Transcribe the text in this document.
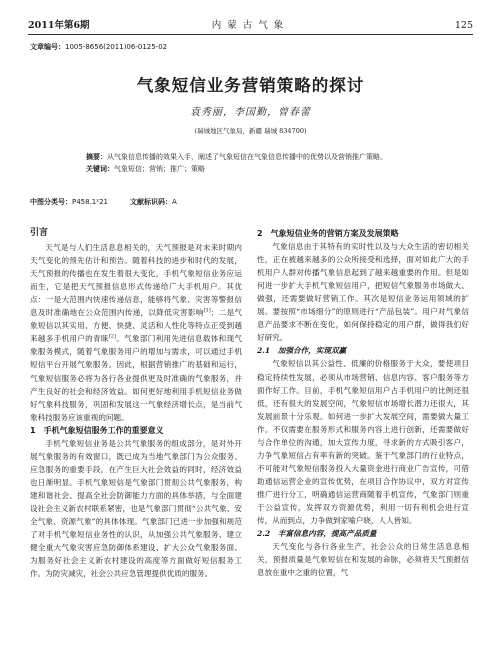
2011年第6期	内蒙古气象	125
文章编号：1005-8656(2011)06-0125-02
气象短信业务营销策略的探讨
袁秀丽，李国勤，曾春蕾
(瑞城地区气象局，新疆 瑞城 834700)
摘要：从气象信息传播的效果入手，阐述了气象短信在气象信息传播中的优势以及营销推广策略。
关键词：气象短信；营销；推广；策略
中图分类号：P458.1²21	文献标识码：A
引言

天气是与人们生活息息相关的，天气预报是对未来时期内天气变化的预先估计和预告。随着科技的进步和时代的发展，天气预报的传播也在发生着很大变化，手机气象短信业务应运而生，它是把天气预报信息形式传递给广大手机用户。其优点：一是大范围内快速传递信息，能够将气象、灾害等警报信息及时准确地在公众范围内传递，以降低灾害影响[1]；二是气象短信以其实用、方便、快捷、灵活和人性化等特点正受到越来越多手机用户的青睐[2]。气象部门利用先进信息载体和现气象服务模式，随着气象服务用户的增加与需求，可以通过手机短信平台开展气象服务。因此，根据营销推广的基础和运行，气象短信服务必将为各行各业提供更及时准确的气象服务，并产生良好的社会和经济效益。如何更好地利用手机短信业务做好气象科技服务，巩固和发展这一气象经济增长点，是当前气象科技服务应该重视的问题。

1　手机气象短信服务工作的重要意义

手机气象短信业务是公共气象服务的组成部分，是对外开展气象服务的有效窗口，既已成为当地气象部门为公众服务、应急服务的重要手段，在产生巨大社会效益的同时，经济效益也日渐明显。手机气象短信是气象部门贯彻公共气象服务，构建和谐社会、提高全社会防御能力方面的具体举措，与全面建设社会主义新农村联系紧密，也是气象部门贯彻“公共气象、安全气象、资源气象”的具体体现。气象部门已进一步加强和规范了对手机气象短信业务性的认识，从加强公共气象服务、建立健全重大气象灾害应急防御体系建设、扩大公众气象服务面、为服务好社会主义新农村建设的高度等方面做好短信服务工作。为防灾减灾，社会公共应急管理提供优质的服务。

2　气象短信业务的营销方案及发展策略

气象信息由于其特有的实时性以及与大众生活的密切相关性，正在被越来越多的公众所接受和选择，面对如此广大的手机用户人群对传播气象信息起到了越来越重要的作用。但是如何进一步扩大手机气象短信用户，把短信气象服务市场做大、做强，还需要做好营销工作。其次是短信业务运用领域的扩展。要按照“市场细分”的原则进行“产品包装”。用户对气象信息产品要求不断在变化，如何保持稳定的用户群，做得我们好好研究。

2.1　加强合作，实现双赢

气象短信以其公益性、低廉的价格服务于大众，要使项目稳定持续性发展，必须从市场营销、信息内容、客户服务等方面作好工作。目前，手机气象短信用户占手机用户的比例还很低，还有很大的发展空间，气象短信市场增长潜力还很大，其发展前景十分乐观。如何进一步扩大发展空间，需要做大量工作。不仅需要在服务形式和服务内容上进行创新，还需要做好与合作单位的沟通，加大宣传力度，寻求新的方式吸引客户，力争气象短信占有率有新的突破。鉴于气象部门的行业特点，不可能对气象短信服务投入大量资金进行商业广告宣传，可借助通信运营企业的宣传优势，在项目合作协议中，双方对宣传推广进行分工，明确通信运营商随着手机宣传，气象部门则重于公益宣传，发挥双方资源优势，利用一切有利机会进行宣传，从而到点，力争做到家喻户晓，人人皆知。

2.2　丰富信息内容，提高产品质量

天气变化与各行各业生产，社会公众的日常生活息息相关，预报质量是气象短信在和发展的命脉，必须将天气预报信息放在重中之重的位置，气
